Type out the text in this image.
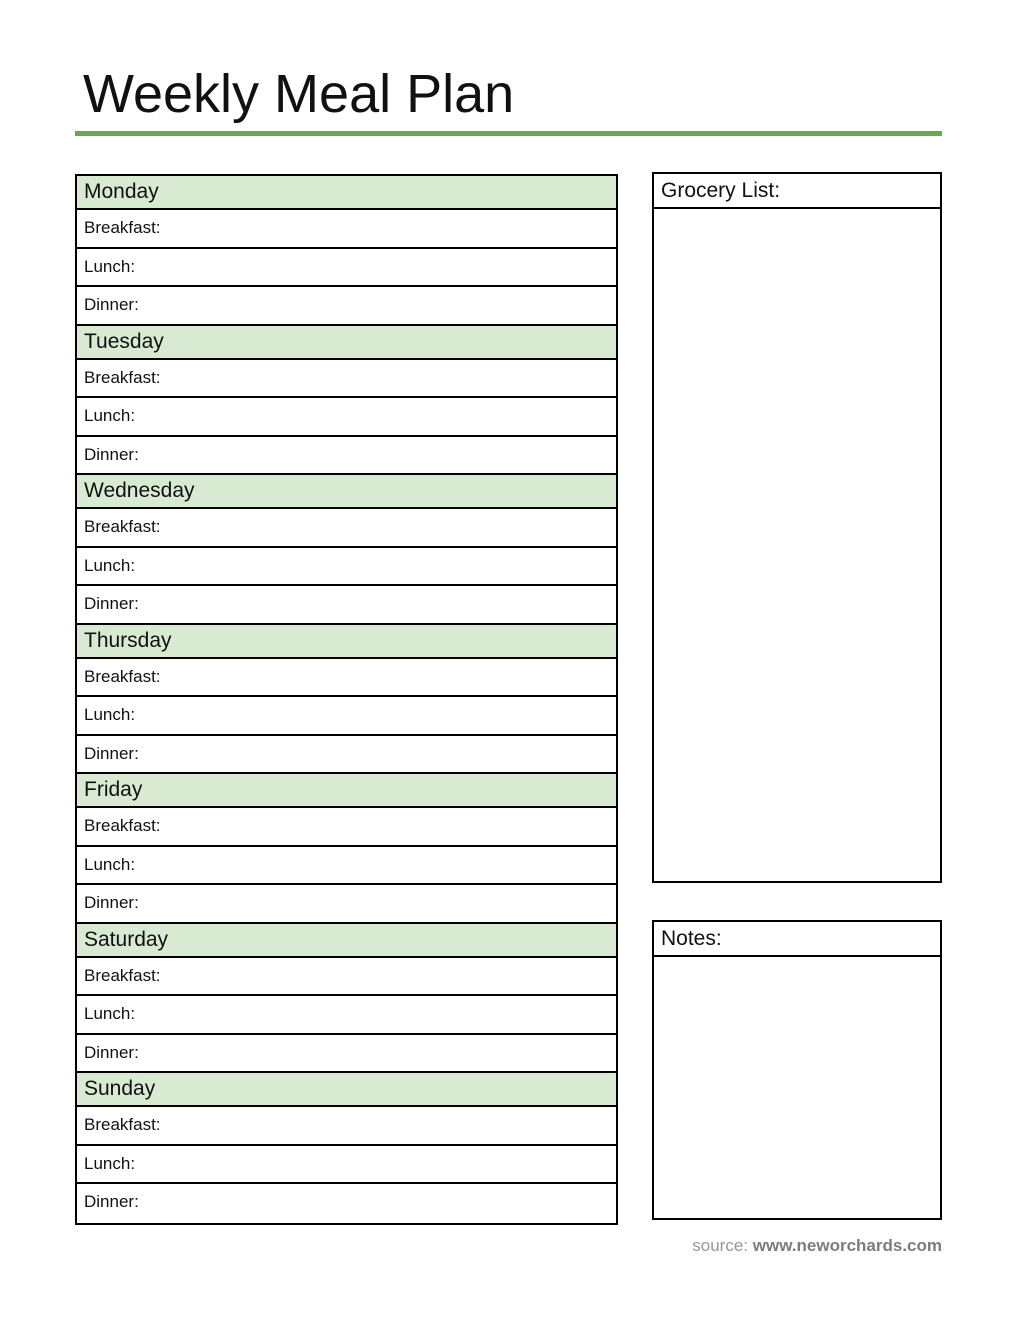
Weekly Meal Plan
Monday
Breakfast:
Lunch:
Dinner:
Tuesday
Breakfast:
Lunch:
Dinner:
Wednesday
Breakfast:
Lunch:
Dinner:
Thursday
Breakfast:
Lunch:
Dinner:
Friday
Breakfast:
Lunch:
Dinner:
Saturday
Breakfast:
Lunch:
Dinner:
Sunday
Breakfast:
Lunch:
Dinner:
Grocery List:
Notes:
source: www.neworchards.com
